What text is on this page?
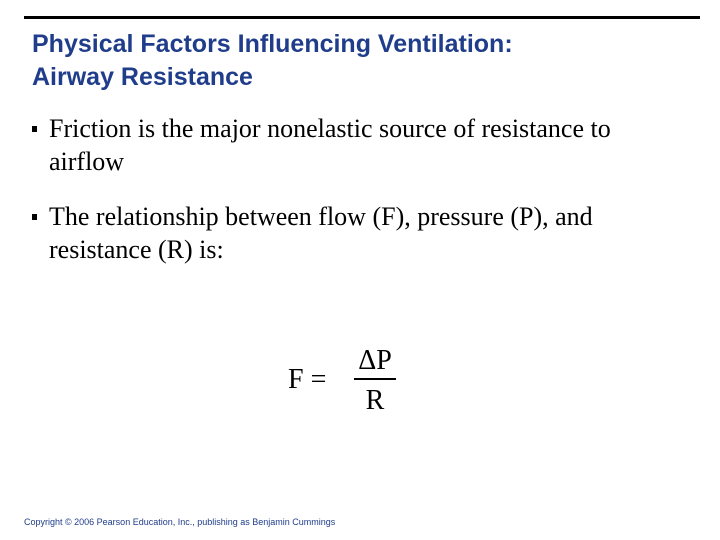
Physical Factors Influencing Ventilation:
Airway Resistance
Friction is the major nonelastic source of resistance to airflow
The relationship between flow (F), pressure (P), and resistance (R) is:
F =
ΔP
R
Copyright © 2006 Pearson Education, Inc., publishing as Benjamin Cummings
